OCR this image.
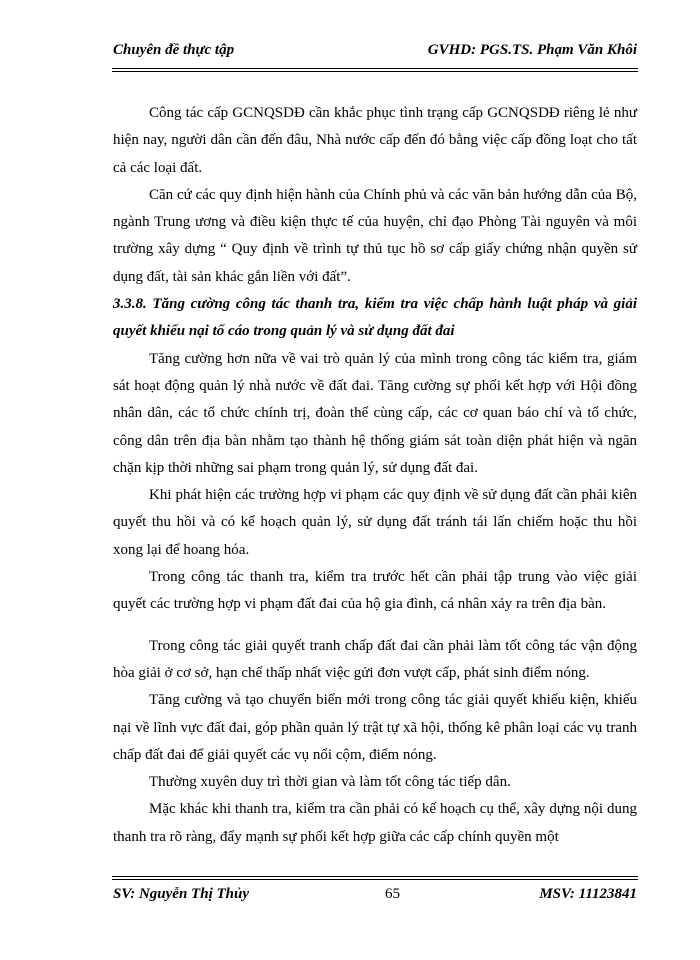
Chuyên đề thực tập	GVHD: PGS.TS. Phạm Văn Khôi

Công tác cấp GCNQSDĐ cần khắc phục tình trạng cấp GCNQSDĐ riêng lẻ như hiện nay, người dân cần đến đâu, Nhà nước cấp đến đó bằng việc cấp đồng loạt cho tất cả các loại đất.

Căn cứ các quy định hiện hành của Chính phủ và các văn bản hướng dẫn của Bộ, ngành Trung ương và điều kiện thực tế của huyện, chỉ đạo Phòng Tài nguyên và môi trường xây dựng “ Quy định về trình tự thủ tục hồ sơ cấp giấy chứng nhận quyền sử dụng đất, tài sản khác gắn liền với đất”.

3.3.8. Tăng cường công tác thanh tra, kiểm tra việc chấp hành luật pháp và giải quyết khiếu nại tố cáo trong quản lý và sử dụng đất đai

Tăng cường hơn nữa về vai trò quản lý của mình trong công tác kiểm tra, giám sát hoạt động quản lý nhà nước về đất đai. Tăng cường sự phối kết hợp với Hội đồng nhân dân, các tổ chức chính trị, đoàn thể cùng cấp, các cơ quan báo chí và tổ chức, công dân trên địa bàn nhằm tạo thành hệ thống giám sát toàn diện phát hiện và ngăn chặn kịp thời những sai phạm trong quản lý, sử dụng đất đai.

Khi phát hiện các trường hợp vi phạm các quy định về sử dụng đất cần phải kiên quyết thu hồi và có kế hoạch quản lý, sử dụng đất tránh tái lấn chiếm hoặc thu hồi xong lại để hoang hóa.

Trong công tác thanh tra, kiểm tra trước hết cần phải tập trung vào việc giải quyết các trường hợp vi phạm đất đai của hộ gia đình, cá nhân xảy ra trên địa bàn.

Trong công tác giải quyết tranh chấp đất đai cần phải làm tốt công tác vận động hòa giải ở cơ sở, hạn chế thấp nhất việc gửi đơn vượt cấp, phát sinh điểm nóng.

Tăng cường và tạo chuyển biến mới trong công tác giải quyết khiếu kiện, khiếu nại về lĩnh vực đất đai, góp phần quản lý trật tự xã hội, thống kê phân loại các vụ tranh chấp đất đai để giải quyết các vụ nổi cộm, điểm nóng.

Thường xuyên duy trì thời gian và làm tốt công tác tiếp dân.

Mặc khác khi thanh tra, kiểm tra cần phải có kế hoạch cụ thể, xây dựng nội dung thanh tra rõ ràng, đẩy mạnh sự phối kết hợp giữa các cấp chính quyền một

SV: Nguyễn Thị Thủy	65	MSV: 11123841
